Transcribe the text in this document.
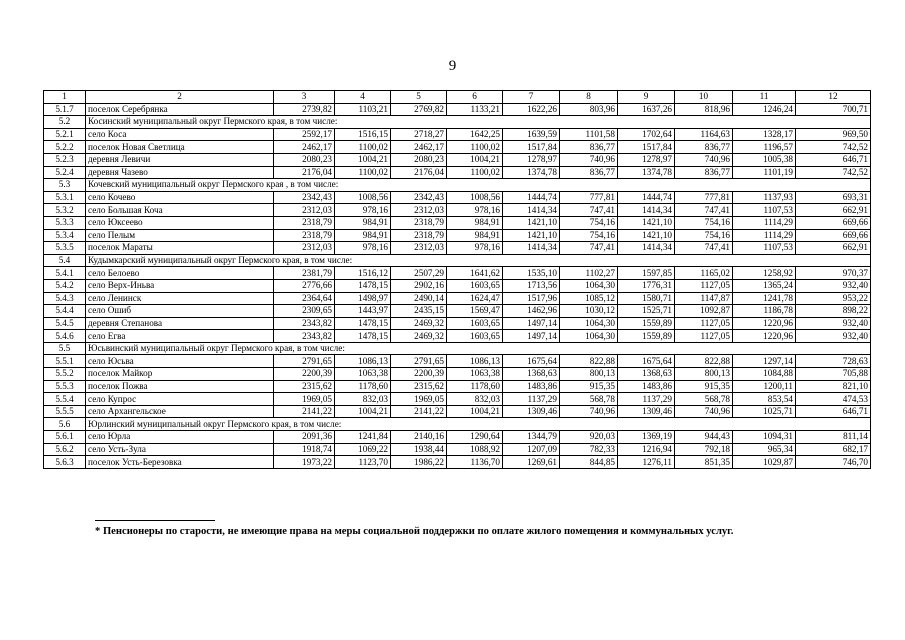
9
1	2	3	4	5	6	7	8	9	10	11	12
5.1.7	поселок Серебрянка	2739,82	1103,21	2769,82	1133,21	1622,26	803,96	1637,26	818,96	1246,24	700,71
5.2	Косинский муниципальный округ Пермского края, в том числе:										
5.2.1	село Коса	2592,17	1516,15	2718,27	1642,25	1639,59	1101,58	1702,64	1164,63	1328,17	969,50
5.2.2	поселок Новая Светлица	2462,17	1100,02	2462,17	1100,02	1517,84	836,77	1517,84	836,77	1196,57	742,52
5.2.3	деревня Левичи	2080,23	1004,21	2080,23	1004,21	1278,97	740,96	1278,97	740,96	1005,38	646,71
5.2.4	деревня Чазево	2176,04	1100,02	2176,04	1100,02	1374,78	836,77	1374,78	836,77	1101,19	742,52
5.3	Кочевский муниципальный округ Пермского края , в том числе:										
5.3.1	село Кочево	2342,43	1008,56	2342,43	1008,56	1444,74	777,81	1444,74	777,81	1137,93	693,31
5.3.2	село Большая Коча	2312,03	978,16	2312,03	978,16	1414,34	747,41	1414,34	747,41	1107,53	662,91
5.3.3	село Юксеево	2318,79	984,91	2318,79	984,91	1421,10	754,16	1421,10	754,16	1114,29	669,66
5.3.4	село Пелым	2318,79	984,91	2318,79	984,91	1421,10	754,16	1421,10	754,16	1114,29	669,66
5.3.5	поселок Мараты	2312,03	978,16	2312,03	978,16	1414,34	747,41	1414,34	747,41	1107,53	662,91
5.4	Кудымкарский муниципальный округ Пермского края, в том числе:										
5.4.1	село Белоево	2381,79	1516,12	2507,29	1641,62	1535,10	1102,27	1597,85	1165,02	1258,92	970,37
5.4.2	село Верх-Иньва	2776,66	1478,15	2902,16	1603,65	1713,56	1064,30	1776,31	1127,05	1365,24	932,40
5.4.3	село Ленинск	2364,64	1498,97	2490,14	1624,47	1517,96	1085,12	1580,71	1147,87	1241,78	953,22
5.4.4	село Ошиб	2309,65	1443,97	2435,15	1569,47	1462,96	1030,12	1525,71	1092,87	1186,78	898,22
5.4.5	деревня Степанова	2343,82	1478,15	2469,32	1603,65	1497,14	1064,30	1559,89	1127,05	1220,96	932,40
5.4.6	село Егва	2343,82	1478,15	2469,32	1603,65	1497,14	1064,30	1559,89	1127,05	1220,96	932,40
5.5	Юсьвинский муниципальный округ Пермского края, в том числе:										
5.5.1	село Юсьва	2791,65	1086,13	2791,65	1086,13	1675,64	822,88	1675,64	822,88	1297,14	728,63
5.5.2	поселок Майкор	2200,39	1063,38	2200,39	1063,38	1368,63	800,13	1368,63	800,13	1084,88	705,88
5.5.3	поселок Пожва	2315,62	1178,60	2315,62	1178,60	1483,86	915,35	1483,86	915,35	1200,11	821,10
5.5.4	село Купрос	1969,05	832,03	1969,05	832,03	1137,29	568,78	1137,29	568,78	853,54	474,53
5.5.5	село Архангельское	2141,22	1004,21	2141,22	1004,21	1309,46	740,96	1309,46	740,96	1025,71	646,71
5.6	Юрлинский муниципальный округ Пермского края, в том числе:										
5.6.1	село Юрла	2091,36	1241,84	2140,16	1290,64	1344,79	920,03	1369,19	944,43	1094,31	811,14
5.6.2	село Усть-Зула	1918,74	1069,22	1938,44	1088,92	1207,09	782,33	1216,94	792,18	965,34	682,17
5.6.3	поселок Усть-Березовка	1973,22	1123,70	1986,22	1136,70	1269,61	844,85	1276,11	851,35	1029,87	746,70
* Пенсионеры по старости, не имеющие права на меры социальной поддержки по оплате жилого помещения и коммунальных услуг.
